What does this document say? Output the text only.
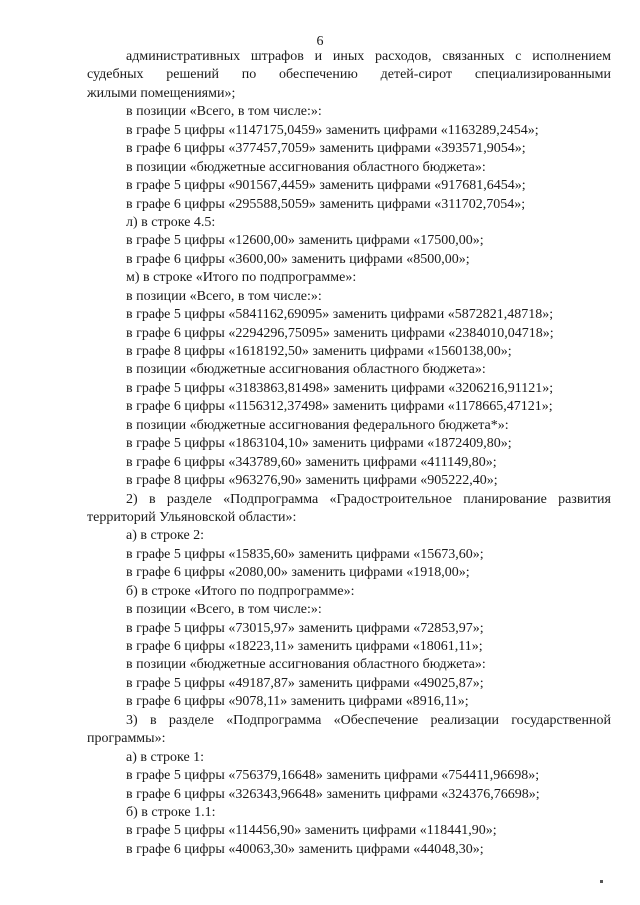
6
административных штрафов и иных расходов, связанных с исполнением
судебных решений по обеспечению детей-сирот специализированными
жилыми помещениями»;
в позиции «Всего, в том числе:»:
в графе 5 цифры «1147175,0459» заменить цифрами «1163289,2454»;
в графе 6 цифры «377457,7059» заменить цифрами «393571,9054»;
в позиции «бюджетные ассигнования областного бюджета»:
в графе 5 цифры «901567,4459» заменить цифрами «917681,6454»;
в графе 6 цифры «295588,5059» заменить цифрами «311702,7054»;
л) в строке 4.5:
в графе 5 цифры «12600,00» заменить цифрами «17500,00»;
в графе 6 цифры «3600,00» заменить цифрами «8500,00»;
м) в строке «Итого по подпрограмме»:
в позиции «Всего, в том числе:»:
в графе 5 цифры «5841162,69095» заменить цифрами «5872821,48718»;
в графе 6 цифры «2294296,75095» заменить цифрами «2384010,04718»;
в графе 8 цифры «1618192,50» заменить цифрами «1560138,00»;
в позиции «бюджетные ассигнования областного бюджета»:
в графе 5 цифры «3183863,81498» заменить цифрами «3206216,91121»;
в графе 6 цифры «1156312,37498» заменить цифрами «1178665,47121»;
в позиции «бюджетные ассигнования федерального бюджета*»:
в графе 5 цифры «1863104,10» заменить цифрами «1872409,80»;
в графе 6 цифры «343789,60» заменить цифрами «411149,80»;
в графе 8 цифры «963276,90» заменить цифрами «905222,40»;
2) в разделе «Подпрограмма «Градостроительное планирование развития
территорий Ульяновской области»:
а) в строке 2:
в графе 5 цифры «15835,60» заменить цифрами «15673,60»;
в графе 6 цифры «2080,00» заменить цифрами «1918,00»;
б) в строке «Итого по подпрограмме»:
в позиции «Всего, в том числе:»:
в графе 5 цифры «73015,97» заменить цифрами «72853,97»;
в графе 6 цифры «18223,11» заменить цифрами «18061,11»;
в позиции «бюджетные ассигнования областного бюджета»:
в графе 5 цифры «49187,87» заменить цифрами «49025,87»;
в графе 6 цифры «9078,11» заменить цифрами «8916,11»;
3) в разделе «Подпрограмма «Обеспечение реализации государственной
программы»:
а) в строке 1:
в графе 5 цифры «756379,16648» заменить цифрами «754411,96698»;
в графе 6 цифры «326343,96648» заменить цифрами «324376,76698»;
б) в строке 1.1:
в графе 5 цифры «114456,90» заменить цифрами «118441,90»;
в графе 6 цифры «40063,30» заменить цифрами «44048,30»;
